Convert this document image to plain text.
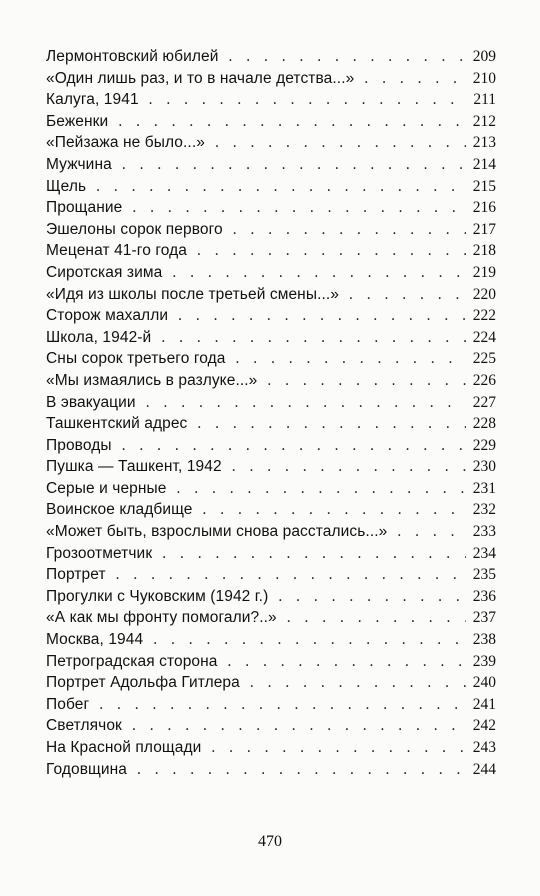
Лермонтовский юбилей . . .	209
«Один лишь раз, и то в начале детства...» . . .	210
Калуга, 1941 . . .	211
Беженки . . .	212
«Пейзажа не было...» . . .	213
Мужчина . . .	214
Щель . . .	215
Прощание . . .	216
Эшелоны сорок первого . . .	217
Меценат 41-го года . . .	218
Сиротская зима . . .	219
«Идя из школы после третьей смены...» . . .	220
Сторож махалли . . .	222
Школа, 1942-й . . .	224
Сны сорок третьего года . . .	225
«Мы измаялись в разлуке...» . . .	226
В эвакуации . . .	227
Ташкентский адрес . . .	228
Проводы . . .	229
Пушка — Ташкент, 1942 . . .	230
Серые и черные . . .	231
Воинское кладбище . . .	232
«Может быть, взрослыми снова расстались...» . . .	233
Грозоотметчик . . .	234
Портрет . . .	235
Прогулки с Чуковским (1942 г.) . . .	236
«А как мы фронту помогали?..» . . .	237
Москва, 1944 . . .	238
Петроградская сторона . . .	239
Портрет Адольфа Гитлера . . .	240
Побег . . .	241
Светлячок . . .	242
На Красной площади . . .	243
Годовщина . . .	244
470
